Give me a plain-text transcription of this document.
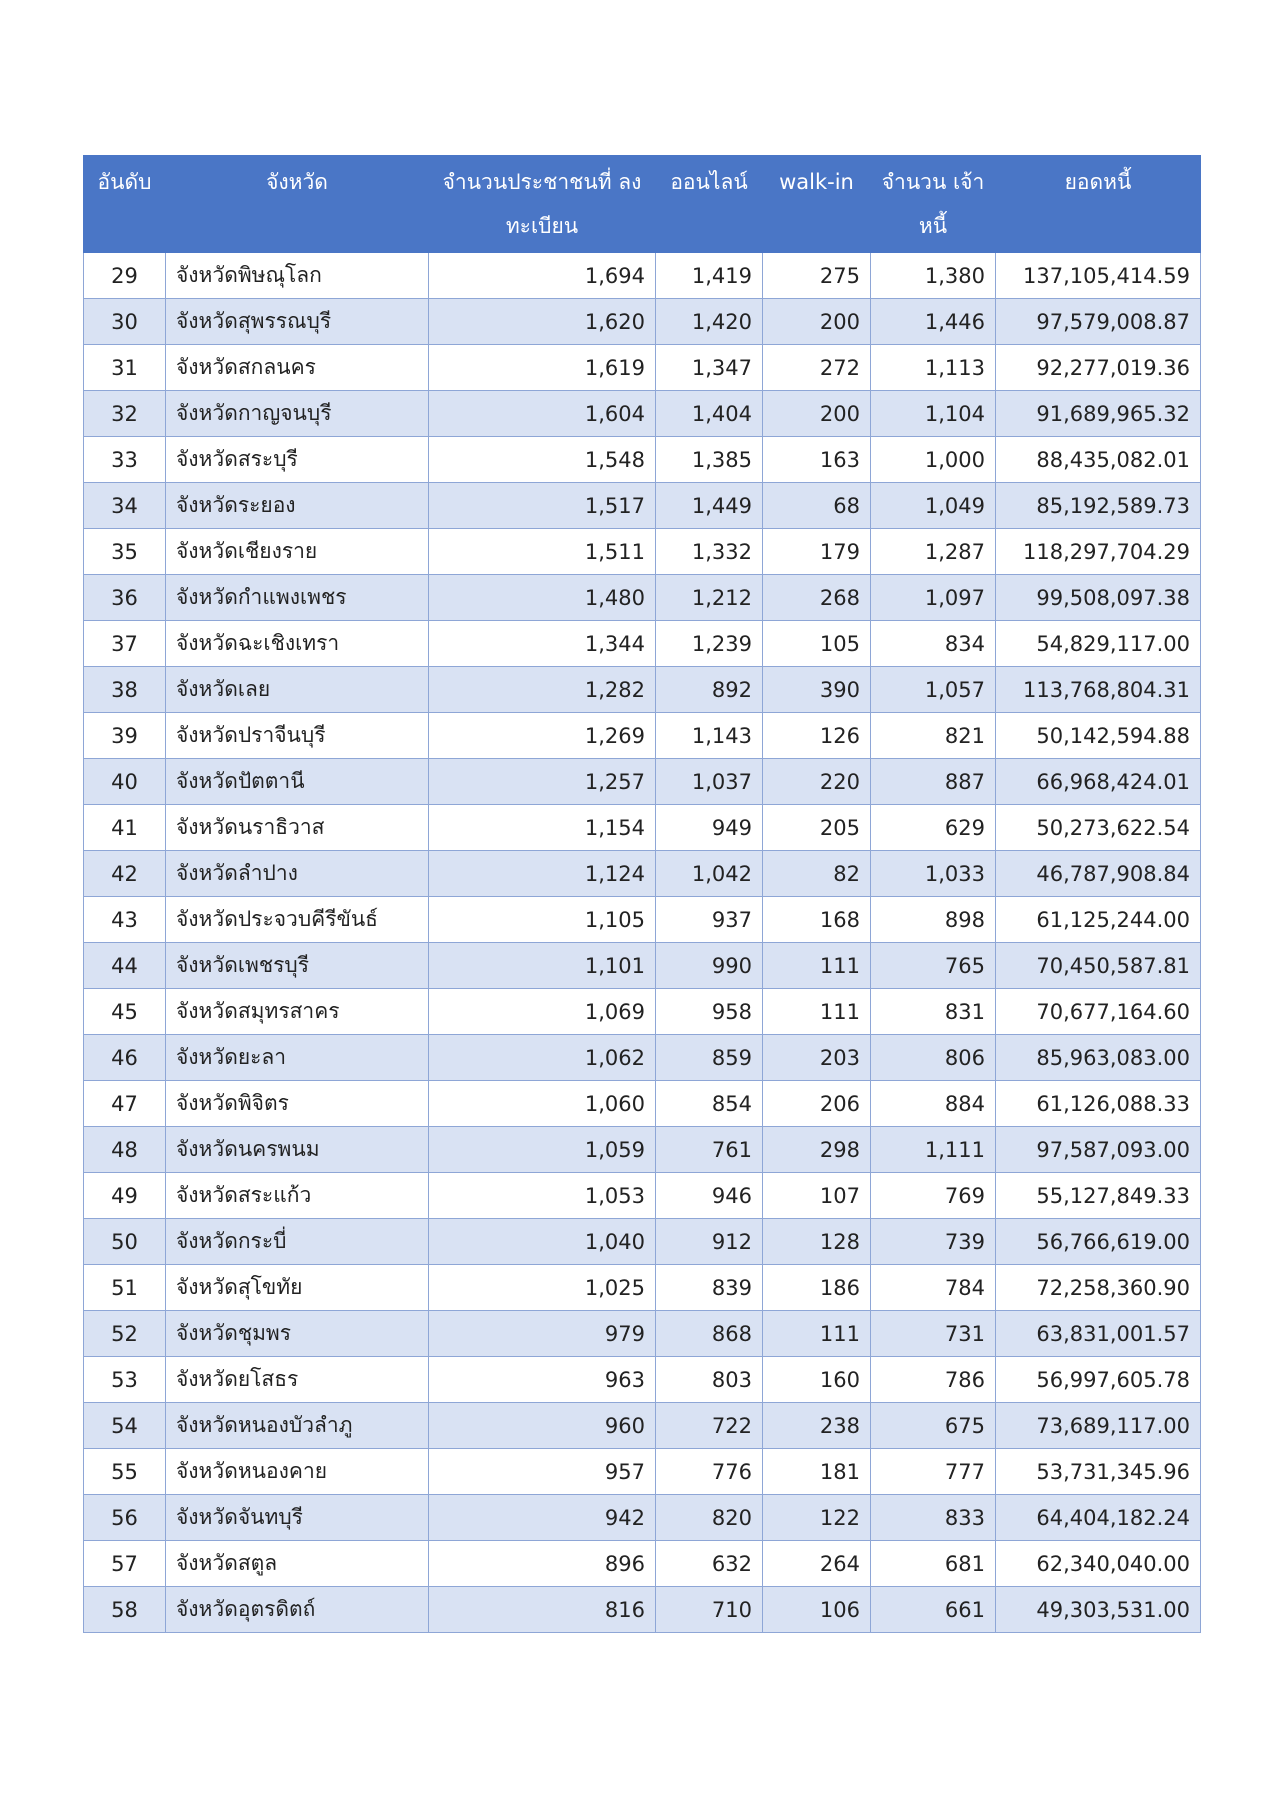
อันดับ	จังหวัด	จำนวนประชาชนที่ ลงทะเบียน	ออนไลน์	walk-in	จำนวน เจ้าหนี้	ยอดหนี้
29	จังหวัดพิษณุโลก	1,694	1,419	275	1,380	137,105,414.59
30	จังหวัดสุพรรณบุรี	1,620	1,420	200	1,446	97,579,008.87
31	จังหวัดสกลนคร	1,619	1,347	272	1,113	92,277,019.36
32	จังหวัดกาญจนบุรี	1,604	1,404	200	1,104	91,689,965.32
33	จังหวัดสระบุรี	1,548	1,385	163	1,000	88,435,082.01
34	จังหวัดระยอง	1,517	1,449	68	1,049	85,192,589.73
35	จังหวัดเชียงราย	1,511	1,332	179	1,287	118,297,704.29
36	จังหวัดกำแพงเพชร	1,480	1,212	268	1,097	99,508,097.38
37	จังหวัดฉะเชิงเทรา	1,344	1,239	105	834	54,829,117.00
38	จังหวัดเลย	1,282	892	390	1,057	113,768,804.31
39	จังหวัดปราจีนบุรี	1,269	1,143	126	821	50,142,594.88
40	จังหวัดปัตตานี	1,257	1,037	220	887	66,968,424.01
41	จังหวัดนราธิวาส	1,154	949	205	629	50,273,622.54
42	จังหวัดลำปาง	1,124	1,042	82	1,033	46,787,908.84
43	จังหวัดประจวบคีรีขันธ์	1,105	937	168	898	61,125,244.00
44	จังหวัดเพชรบุรี	1,101	990	111	765	70,450,587.81
45	จังหวัดสมุทรสาคร	1,069	958	111	831	70,677,164.60
46	จังหวัดยะลา	1,062	859	203	806	85,963,083.00
47	จังหวัดพิจิตร	1,060	854	206	884	61,126,088.33
48	จังหวัดนครพนม	1,059	761	298	1,111	97,587,093.00
49	จังหวัดสระแก้ว	1,053	946	107	769	55,127,849.33
50	จังหวัดกระบี่	1,040	912	128	739	56,766,619.00
51	จังหวัดสุโขทัย	1,025	839	186	784	72,258,360.90
52	จังหวัดชุมพร	979	868	111	731	63,831,001.57
53	จังหวัดยโสธร	963	803	160	786	56,997,605.78
54	จังหวัดหนองบัวลำภู	960	722	238	675	73,689,117.00
55	จังหวัดหนองคาย	957	776	181	777	53,731,345.96
56	จังหวัดจันทบุรี	942	820	122	833	64,404,182.24
57	จังหวัดสตูล	896	632	264	681	62,340,040.00
58	จังหวัดอุตรดิตถ์	816	710	106	661	49,303,531.00
